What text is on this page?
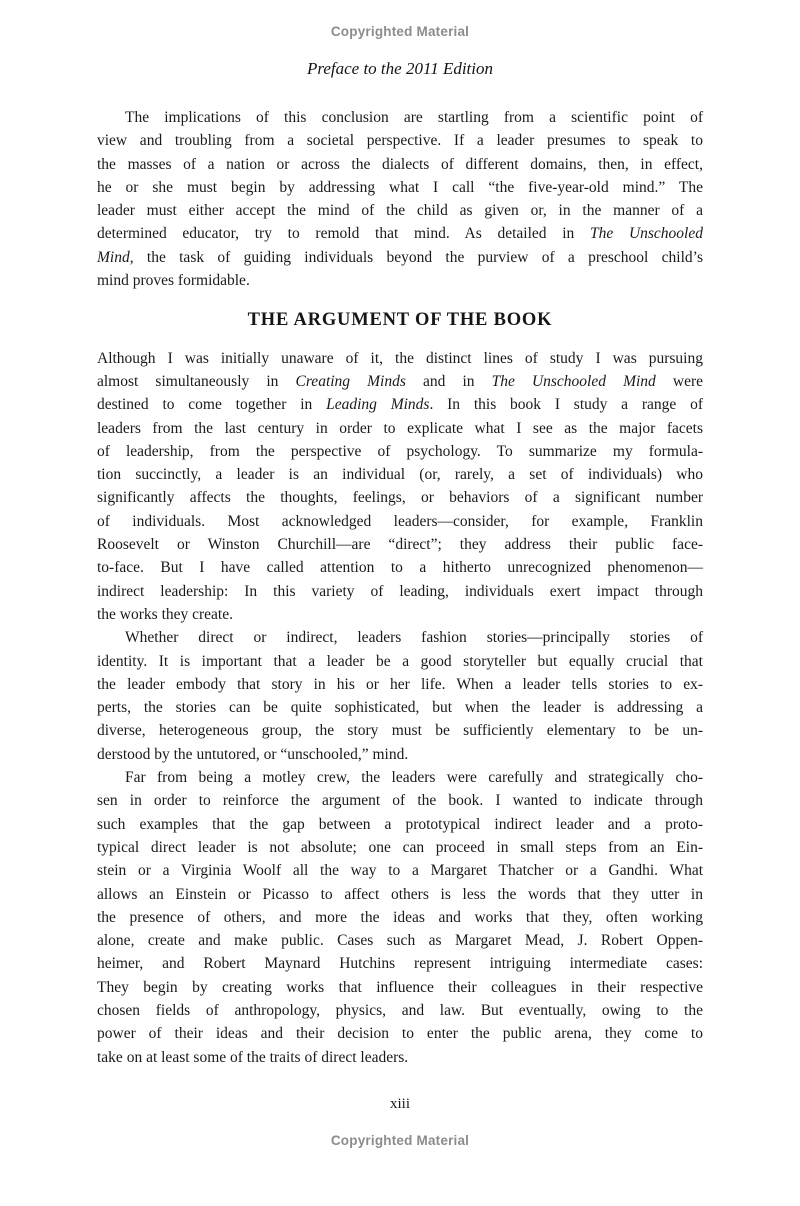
Copyrighted Material
Preface to the 2011 Edition
The implications of this conclusion are startling from a scientific point of
view and troubling from a societal perspective. If a leader presumes to speak to
the masses of a nation or across the dialects of different domains, then, in effect,
he or she must begin by addressing what I call “the five-year-old mind.” The
leader must either accept the mind of the child as given or, in the manner of a
determined educator, try to remold that mind. As detailed in The Unschooled
Mind, the task of guiding individuals beyond the purview of a preschool child’s
mind proves formidable.
THE ARGUMENT OF THE BOOK
Although I was initially unaware of it, the distinct lines of study I was pursuing
almost simultaneously in Creating Minds and in The Unschooled Mind were
destined to come together in Leading Minds. In this book I study a range of
leaders from the last century in order to explicate what I see as the major facets
of leadership, from the perspective of psychology. To summarize my formula-
tion succinctly, a leader is an individual (or, rarely, a set of individuals) who
significantly affects the thoughts, feelings, or behaviors of a significant number
of individuals. Most acknowledged leaders—consider, for example, Franklin
Roosevelt or Winston Churchill—are “direct”; they address their public face-
to-face. But I have called attention to a hitherto unrecognized phenomenon—
indirect leadership: In this variety of leading, individuals exert impact through
the works they create.
Whether direct or indirect, leaders fashion stories—principally stories of
identity. It is important that a leader be a good storyteller but equally crucial that
the leader embody that story in his or her life. When a leader tells stories to ex-
perts, the stories can be quite sophisticated, but when the leader is addressing a
diverse, heterogeneous group, the story must be sufficiently elementary to be un-
derstood by the untutored, or “unschooled,” mind.
Far from being a motley crew, the leaders were carefully and strategically cho-
sen in order to reinforce the argument of the book. I wanted to indicate through
such examples that the gap between a prototypical indirect leader and a proto-
typical direct leader is not absolute; one can proceed in small steps from an Ein-
stein or a Virginia Woolf all the way to a Margaret Thatcher or a Gandhi. What
allows an Einstein or Picasso to affect others is less the words that they utter in
the presence of others, and more the ideas and works that they, often working
alone, create and make public. Cases such as Margaret Mead, J. Robert Oppen-
heimer, and Robert Maynard Hutchins represent intriguing intermediate cases:
They begin by creating works that influence their colleagues in their respective
chosen fields of anthropology, physics, and law. But eventually, owing to the
power of their ideas and their decision to enter the public arena, they come to
take on at least some of the traits of direct leaders.
xiii
Copyrighted Material
